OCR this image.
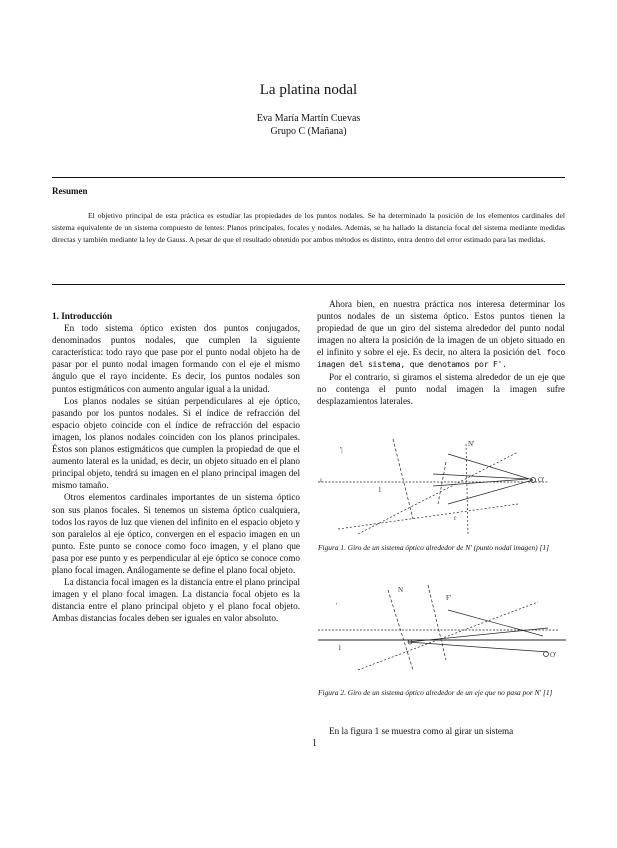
La platina nodal
Eva María Martín Cuevas
Grupo C (Mañana)
Resumen
El objetivo principal de esta práctica es estudiar las propiedades de los puntos nodales. Se ha determinado la posición de los elementos cardinales del sistema equivalente de un sistema compuesto de lentes: Planos principales, focales y nodales. Además, se ha hallado la distancia focal del sistema mediante medidas directas y también mediante la ley de Gauss. A pesar de que el resultado obtenido por ambos métodos es distinto, entra dentro del error estimado para las medidas.

1. Introducción

En todo sistema óptico existen dos puntos conjugados, denominados puntos nodales, que cumplen la siguiente característica: todo rayo que pase por el punto nodal objeto ha de pasar por el punto nodal imagen formando con el eje el mismo ángulo que el rayo incidente. Es decir, los puntos nodales son puntos estigmáticos con aumento angular igual a la unidad.

Los planos nodales se sitúan perpendiculares al eje óptico, pasando por los puntos nodales. Si el índice de refracción del espacio objeto coincide con el índice de refracción del espacio imagen, los planos nodales coinciden con los planos principales. Éstos son planos estigmáticos que cumplen la propiedad de que el aumento lateral es la unidad, es decir, un objeto situado en el plano principal objeto, tendrá su imagen en el plano principal imagen del mismo tamaño.

Otros elementos cardinales importantes de un sistema óptico son sus planos focales. Si tenemos un sistema óptico cualquiera, todos los rayos de luz que vienen del infinito en el espacio objeto y son paralelos al eje óptico, convergen en el espacio imagen en un punto. Este punto se conoce como foco imagen, y el plano que pasa por ese punto y es perpendicular al eje óptico se conoce como plano focal imagen. Análogamente se define el plano focal objeto.

La distancia focal imagen es la distancia entre el plano principal imagen y el plano focal imagen. La distancia focal objeto es la distancia entre el plano principal objeto y el plano focal objeto. Ambas distancias focales deben ser iguales en valor absoluto.

Ahora bien, en nuestra práctica nos interesa determinar los puntos nodales de un sistema óptico. Estos puntos tienen la propiedad de que un giro del sistema alrededor del punto nodal imagen no altera la posición de la imagen de un objeto situado en el infinito y sobre el eje. Es decir, no altera la posición del foco imagen del sistema, que denotamos por F'.

Por el contrario, si giramos el sistema alrededor de un eje que no contenga el punto nodal imagen la imagen sufre desplazamientos laterales.

'|
ı
N'
O'
1
r
Figura 1. Giro de un sistema óptico alrededor de N' (punto nodal imagen) [1]
N
F'
'
1
O'
Figura 2. Giro de un sistema óptico alrededor de un eje que no pasa por N' [1]

En la figura 1 se muestra como al girar un sistema

1
